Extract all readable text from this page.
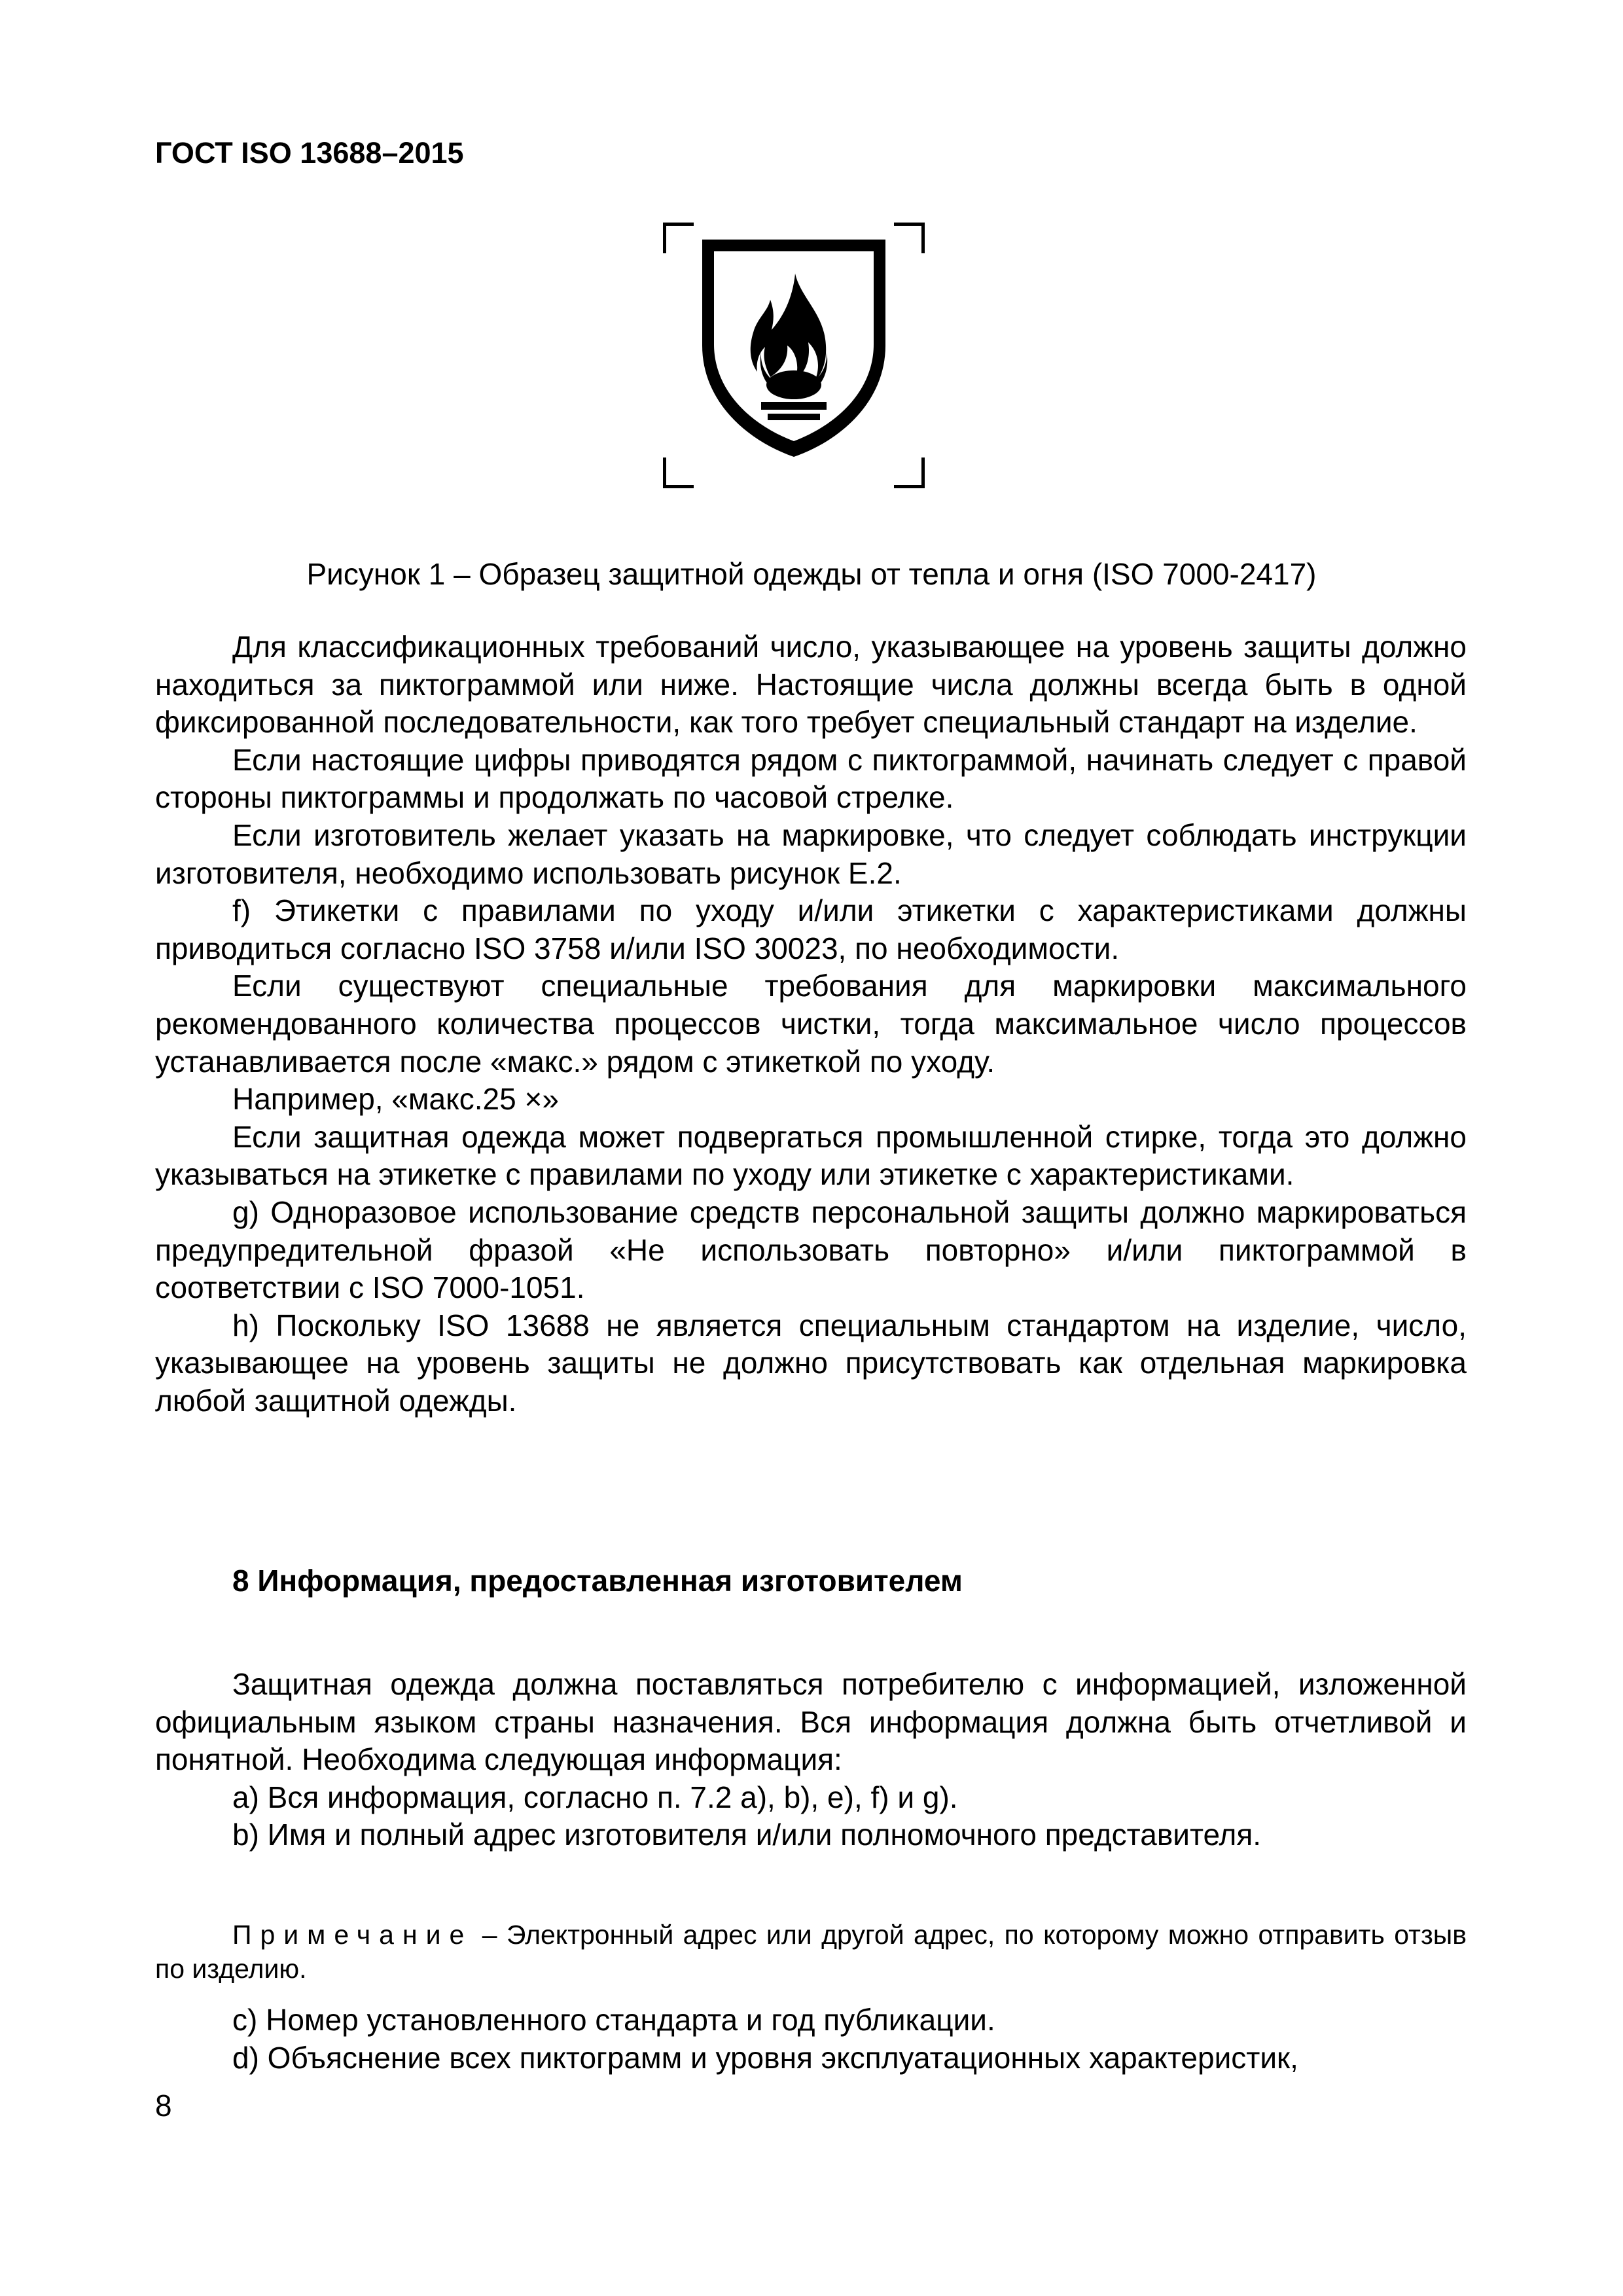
ГОСТ ISO 13688–2015
Рисунок 1 – Образец защитной одежды от тепла и огня (ISO 7000-2417)

Для классификационных требований число, указывающее на уровень защиты должно находиться за пиктограммой или ниже. Настоящие числа должны всегда быть в одной фиксированной последовательности, как того требует специальный стандарт на изделие.

Если настоящие цифры приводятся рядом с пиктограммой, начинать следует с правой стороны пиктограммы и продолжать по часовой стрелке.

Если изготовитель желает указать на маркировке, что следует соблюдать инструкции изготовителя, необходимо использовать рисунок E.2.

f) Этикетки с правилами по уходу и/или этикетки с характеристиками должны приводиться согласно ISO 3758 и/или ISO 30023, по необходимости.

Если существуют специальные требования для маркировки максимального рекомендованного количества процессов чистки, тогда максимальное число процессов устанавливается после «макс.» рядом с этикеткой по уходу.

Например, «макс.25 ×»

Если защитная одежда может подвергаться промышленной стирке, тогда это должно указываться на этикетке с правилами по уходу или этикетке с характеристиками.

g) Одноразовое использование средств персональной защиты должно маркироваться предупредительной фразой «Не использовать повторно» и/или пиктограммой в соответствии с ISO 7000-1051.

h) Поскольку ISO 13688 не является специальным стандартом на изделие, число, указывающее на уровень защиты не должно присутствовать как отдельная маркировка любой защитной одежды.

8 Информация, предоставленная изготовителем

Защитная одежда должна поставляться потребителю с информацией, изложенной официальным языком страны назначения. Вся информация должна быть отчетливой и понятной. Необходима следующая информация:

a) Вся информация, согласно п. 7.2 a), b), e), f) и g).

b) Имя и полный адрес изготовителя и/или полномочного представителя.

Примечание – Электронный адрес или другой адрес, по которому можно отправить отзыв по изделию.

c) Номер установленного стандарта и год публикации.

d) Объяснение всех пиктограмм и уровня эксплуатационных характеристик,

8
